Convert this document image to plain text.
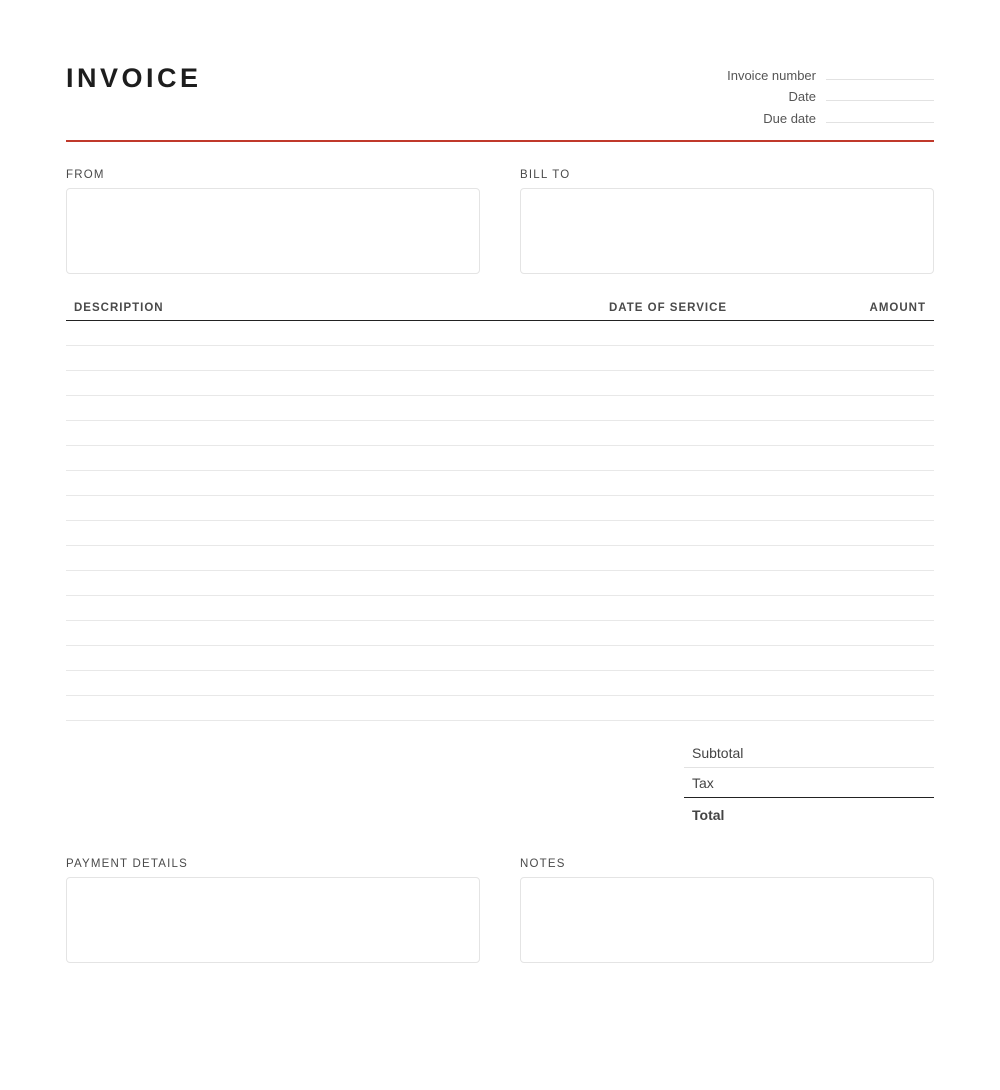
INVOICE	Invoice number
Date
Due date
FROM	BILL TO
DESCRIPTION	DATE OF SERVICE	AMOUNT
Subtotal
Tax
Total
PAYMENT DETAILS	NOTES
